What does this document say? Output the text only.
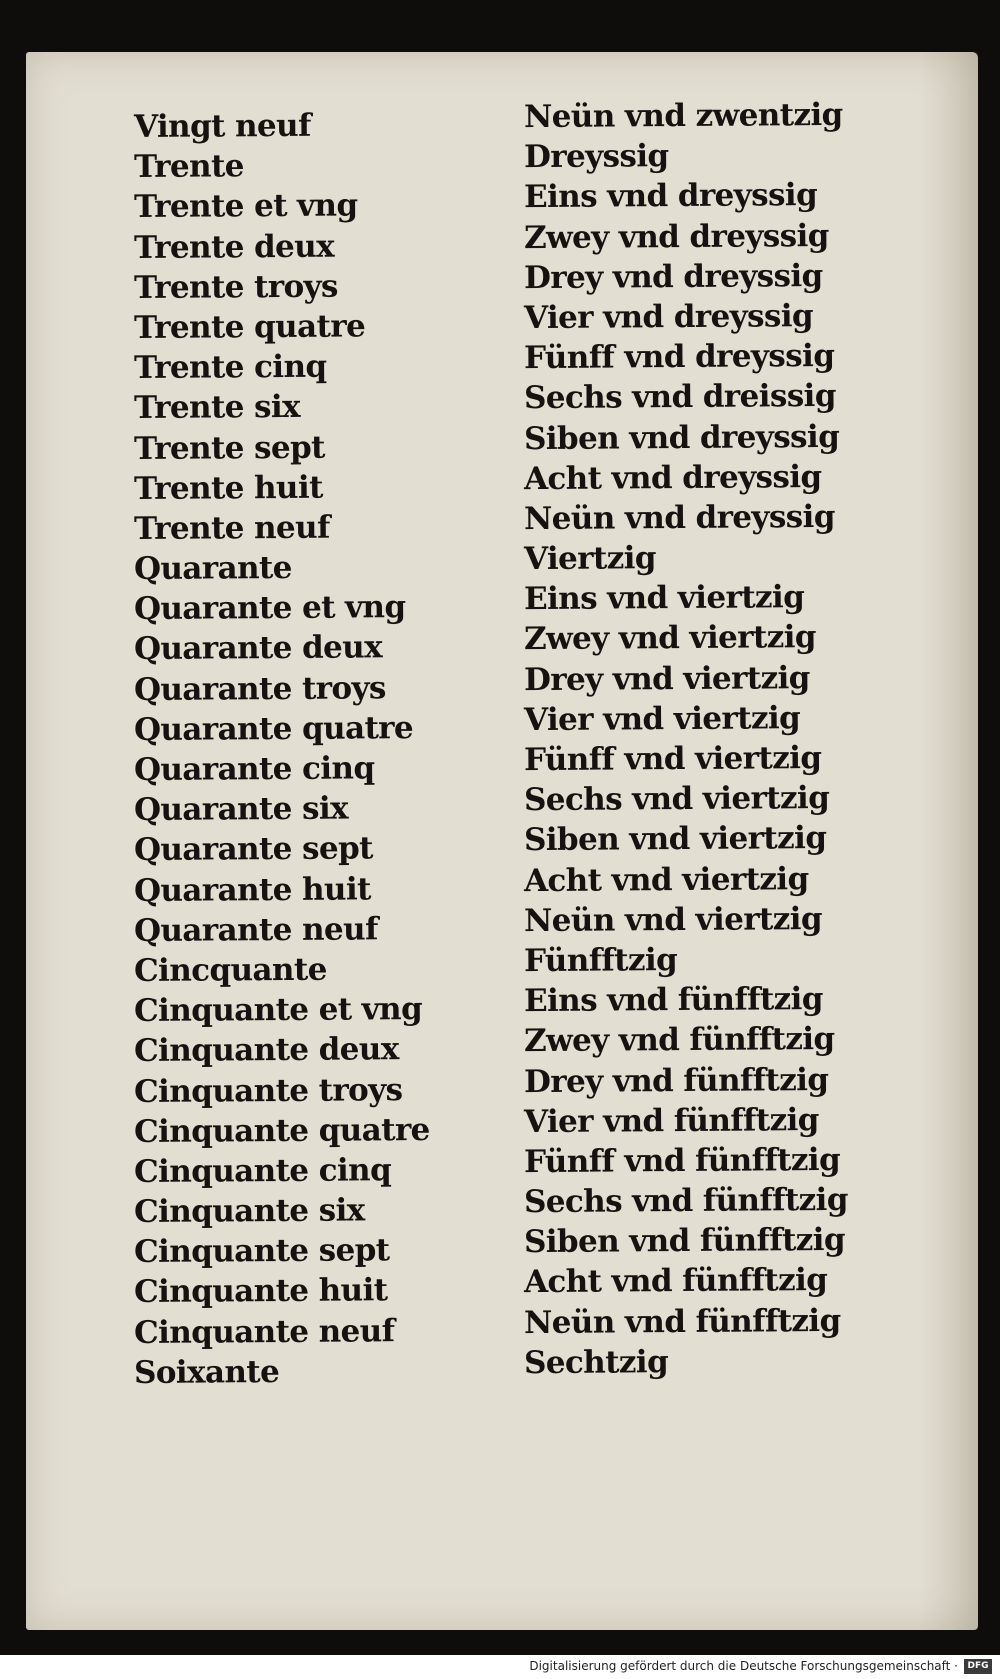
Vingt neuf
Trente
Trente et vng
Trente deux
Trente troys
Trente quatre
Trente cinq
Trente six
Trente sept
Trente huit
Trente neuf
Quarante
Quarante et vng
Quarante deux
Quarante troys
Quarante quatre
Quarante cinq
Quarante six
Quarante sept
Quarante huit
Quarante neuf
Cincquante
Cinquante et vng
Cinquante deux
Cinquante troys
Cinquante quatre
Cinquante cinq
Cinquante six
Cinquante sept
Cinquante huit
Cinquante neuf
Soixante
Neün vnd zwentzig
Dreyssig
Eins vnd dreyssig
Zwey vnd dreyssig
Drey vnd dreyssig
Vier vnd dreyssig
Fünff vnd dreyssig
Sechs vnd dreissig
Siben vnd dreyssig
Acht vnd dreyssig
Neün vnd dreyssig
Viertzig
Eins vnd viertzig
Zwey vnd viertzig
Drey vnd viertzig
Vier vnd viertzig
Fünff vnd viertzig
Sechs vnd viertzig
Siben vnd viertzig
Acht vnd viertzig
Neün vnd viertzig
Fünfftzig
Eins vnd fünfftzig
Zwey vnd fünfftzig
Drey vnd fünfftzig
Vier vnd fünfftzig
Fünff vnd fünfftzig
Sechs vnd fünfftzig
Siben vnd fünfftzig
Acht vnd fünfftzig
Neün vnd fünfftzig
Sechtzig
Digitalisierung gefördert durch die Deutsche Forschungsgemeinschaft ·	DFG
